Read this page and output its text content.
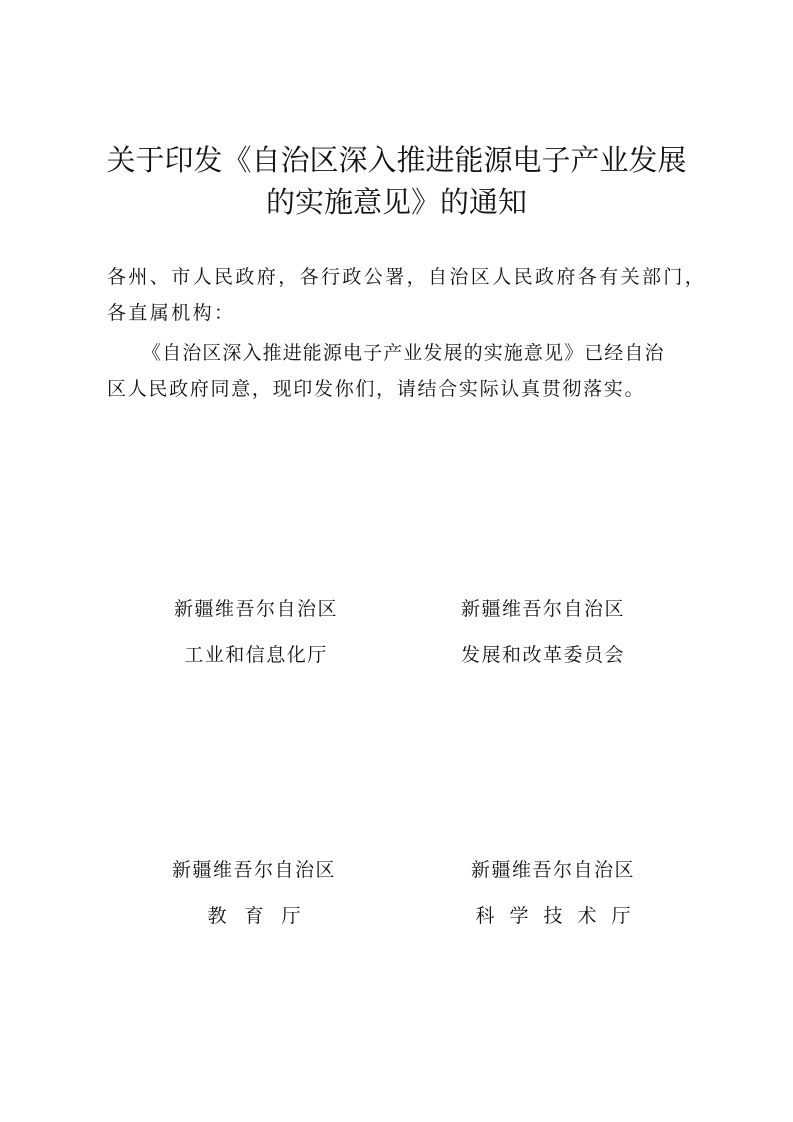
关于印发《自治区深入推进能源电子产业发展
的实施意见》的通知
各州、市人民政府，各行政公署，自治区人民政府各有关部门，
各直属机构：
《自治区深入推进能源电子产业发展的实施意见》已经自治
区人民政府同意，现印发你们，请结合实际认真贯彻落实。
新疆维吾尔自治区
工业和信息化厅
新疆维吾尔自治区
发展和改革委员会
新疆维吾尔自治区
教育厅
新疆维吾尔自治区
科学技术厅
